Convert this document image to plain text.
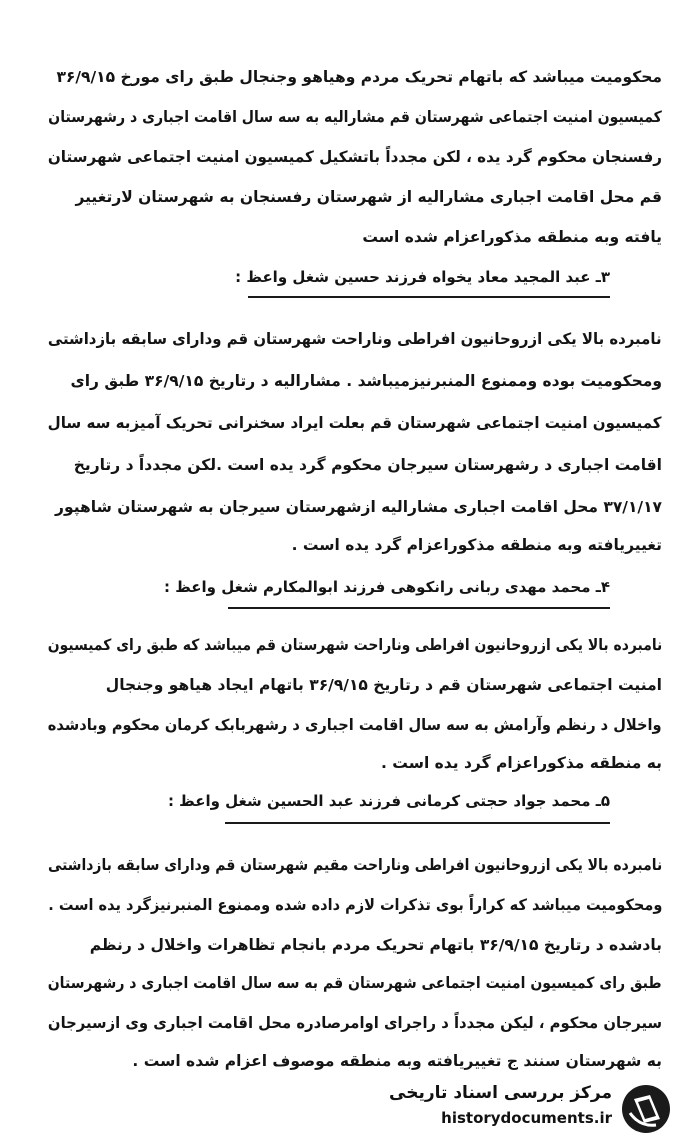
محکومیت میباشد که باتهام تحریک مردم وهیاهو وجنجال طبق رای مورخ ۳۶/۹/۱۵
کمیسیون امنیت اجتماعی شهرستان قم مشارالیه به سه سال اقامت اجباری د رشهرستان
رفسنجان محکوم گرد یده ، لکن مجدداً باتشکیل کمیسیون امنیت اجتماعی شهرستان
قم محل اقامت اجباری مشارالیه از شهرستان رفسنجان به شهرستان لارتغییر
یافته وبه منطقه مذکوراعزام شده است
۳ـ عبد المجید معاد یخواه فرزند حسین شغل واعظ :
نامبرده بالا یکی ازروحانیون افراطی وناراحت شهرستان قم ودارای سابقه بازداشتی
ومحکومیت بوده وممنوع المنبرنیزمیباشد . مشارالیه د رتاریخ ۳۶/۹/۱۵ طبق رای
کمیسیون امنیت اجتماعی شهرستان قم بعلت ایراد سخنرانی تحریک آمیزبه سه سال
اقامت اجباری د رشهرستان سیرجان محکوم گرد یده است .لکن مجدداً د رتاریخ
۳۷/۱/۱۷ محل اقامت اجباری مشارالیه ازشهرستان سیرجان به شهرستان شاهپور
تغییریافته وبه منطقه مذکوراعزام گرد یده است .
۴ـ محمد مهدی ربانی رانکوهی فرزند ابوالمکارم شغل واعظ :
نامبرده بالا یکی ازروحانیون افراطی وناراحت شهرستان قم میباشد که طبق رای کمیسیون
امنیت اجتماعی شهرستان قم د رتاریخ ۳۶/۹/۱۵ باتهام ایجاد هیاهو وجنجال
واخلال د رنظم وآرامش به سه سال اقامت اجباری د رشهربابک کرمان محکوم وبادشده
به منطقه مذکوراعزام گرد یده است .
۵ـ محمد جواد حجتی کرمانی فرزند عبد الحسین شغل واعظ :
نامبرده بالا یکی ازروحانیون افراطی وناراحت مقیم شهرستان قم ودارای سابقه بازداشتی
ومحکومیت میباشد که کراراً بوی تذکرات لازم داده شده وممنوع المنبرنیزگرد یده است .
بادشده د رتاریخ ۳۶/۹/۱۵ باتهام تحریک مردم بانجام تظاهرات واخلال د رنظم
طبق رای کمیسیون امنیت اجتماعی شهرستان قم به سه سال اقامت اجباری د رشهرستان
سیرجان محکوم ، لیکن مجدداً د راجرای اوامرصادره محل اقامت اجباری وی ازسیرجان
به شهرستان سنند ج تغییریافته وبه منطقه موصوف اعزام شده است .
مرکز بررسی اسناد تاریخی
historydocuments.ir
